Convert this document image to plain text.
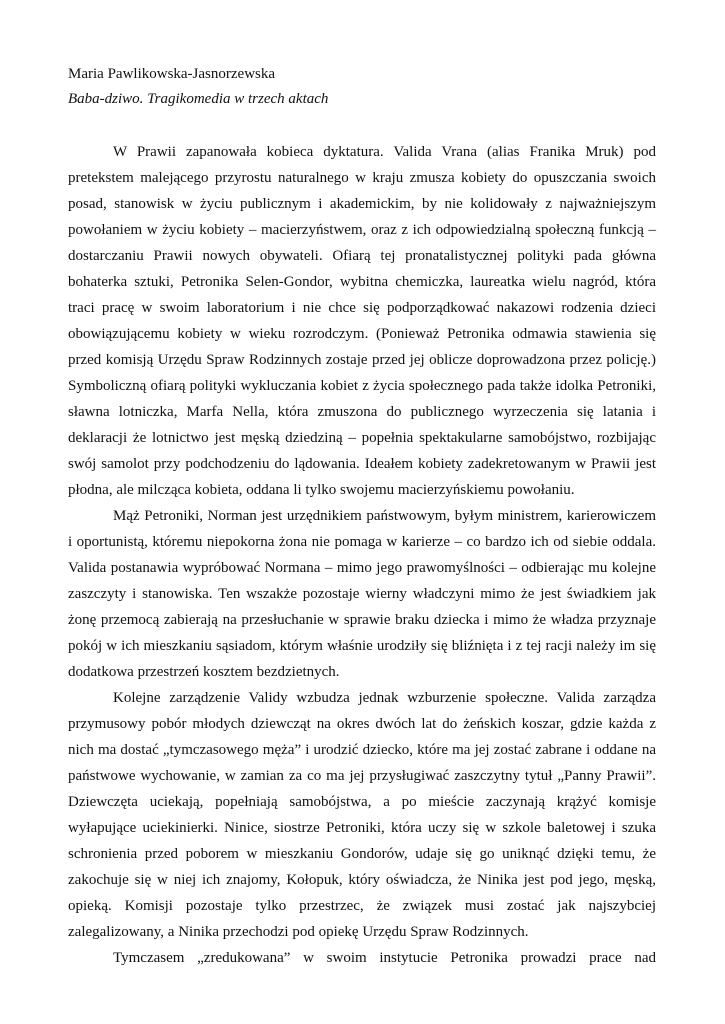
Maria Pawlikowska-Jasnorzewska

Baba-dziwo. Tragikomedia w trzech aktach

W Prawii zapanowała kobieca dyktatura. Valida Vrana (alias Franika Mruk) pod pretekstem malejącego przyrostu naturalnego w kraju zmusza kobiety do opuszczania swoich posad, stanowisk w życiu publicznym i akademickim, by nie kolidowały z najważniejszym powołaniem w życiu kobiety – macierzyństwem, oraz z ich odpowiedzialną społeczną funkcją – dostarczaniu Prawii nowych obywateli. Ofiarą tej pronatalistycznej polityki pada główna bohaterka sztuki, Petronika Selen-Gondor, wybitna chemiczka, laureatka wielu nagród, która traci pracę w swoim laboratorium i nie chce się podporządkować nakazowi rodzenia dzieci obowiązującemu kobiety w wieku rozrodczym. (Ponieważ Petronika odmawia stawienia się przed komisją Urzędu Spraw Rodzinnych zostaje przed jej oblicze doprowadzona przez policję.) Symboliczną ofiarą polityki wykluczania kobiet z życia społecznego pada także idolka Petroniki, sławna lotniczka, Marfa Nella, która zmuszona do publicznego wyrzeczenia się latania i deklaracji że lotnictwo jest męską dziedziną – popełnia spektakularne samobójstwo, rozbijając swój samolot przy podchodzeniu do lądowania. Ideałem kobiety zadekretowanym w Prawii jest płodna, ale milcząca kobieta, oddana li tylko swojemu macierzyńskiemu powołaniu.

Mąż Petroniki, Norman jest urzędnikiem państwowym, byłym ministrem, karierowiczem i oportunistą, któremu niepokorna żona nie pomaga w karierze – co bardzo ich od siebie oddala. Valida postanawia wypróbować Normana – mimo jego prawomyślności – odbierając mu kolejne zaszczyty i stanowiska. Ten wszakże pozostaje wierny władczyni mimo że jest świadkiem jak żonę przemocą zabierają na przesłuchanie w sprawie braku dziecka i mimo że władza przyznaje pokój w ich mieszkaniu sąsiadom, którym właśnie urodziły się bliźnięta i z tej racji należy im się dodatkowa przestrzeń kosztem bezdzietnych.

Kolejne zarządzenie Validy wzbudza jednak wzburzenie społeczne. Valida zarządza przymusowy pobór młodych dziewcząt na okres dwóch lat do żeńskich koszar, gdzie każda z nich ma dostać „tymczasowego męża” i urodzić dziecko, które ma jej zostać zabrane i oddane na państwowe wychowanie, w zamian za co ma jej przysługiwać zaszczytny tytuł „Panny Prawii”. Dziewczęta uciekają, popełniają samobójstwa, a po mieście zaczynają krążyć komisje wyłapujące uciekinierki. Ninice, siostrze Petroniki, która uczy się w szkole baletowej i szuka schronienia przed poborem w mieszkaniu Gondorów, udaje się go uniknąć dzięki temu, że zakochuje się w niej ich znajomy, Kołopuk, który oświadcza, że Ninika jest pod jego, męską, opieką. Komisji pozostaje tylko przestrzec, że związek musi zostać jak najszybciej zalegalizowany, a Ninika przechodzi pod opiekę Urzędu Spraw Rodzinnych.

Tymczasem „zredukowana” w swoim instytucie Petronika prowadzi prace nad
